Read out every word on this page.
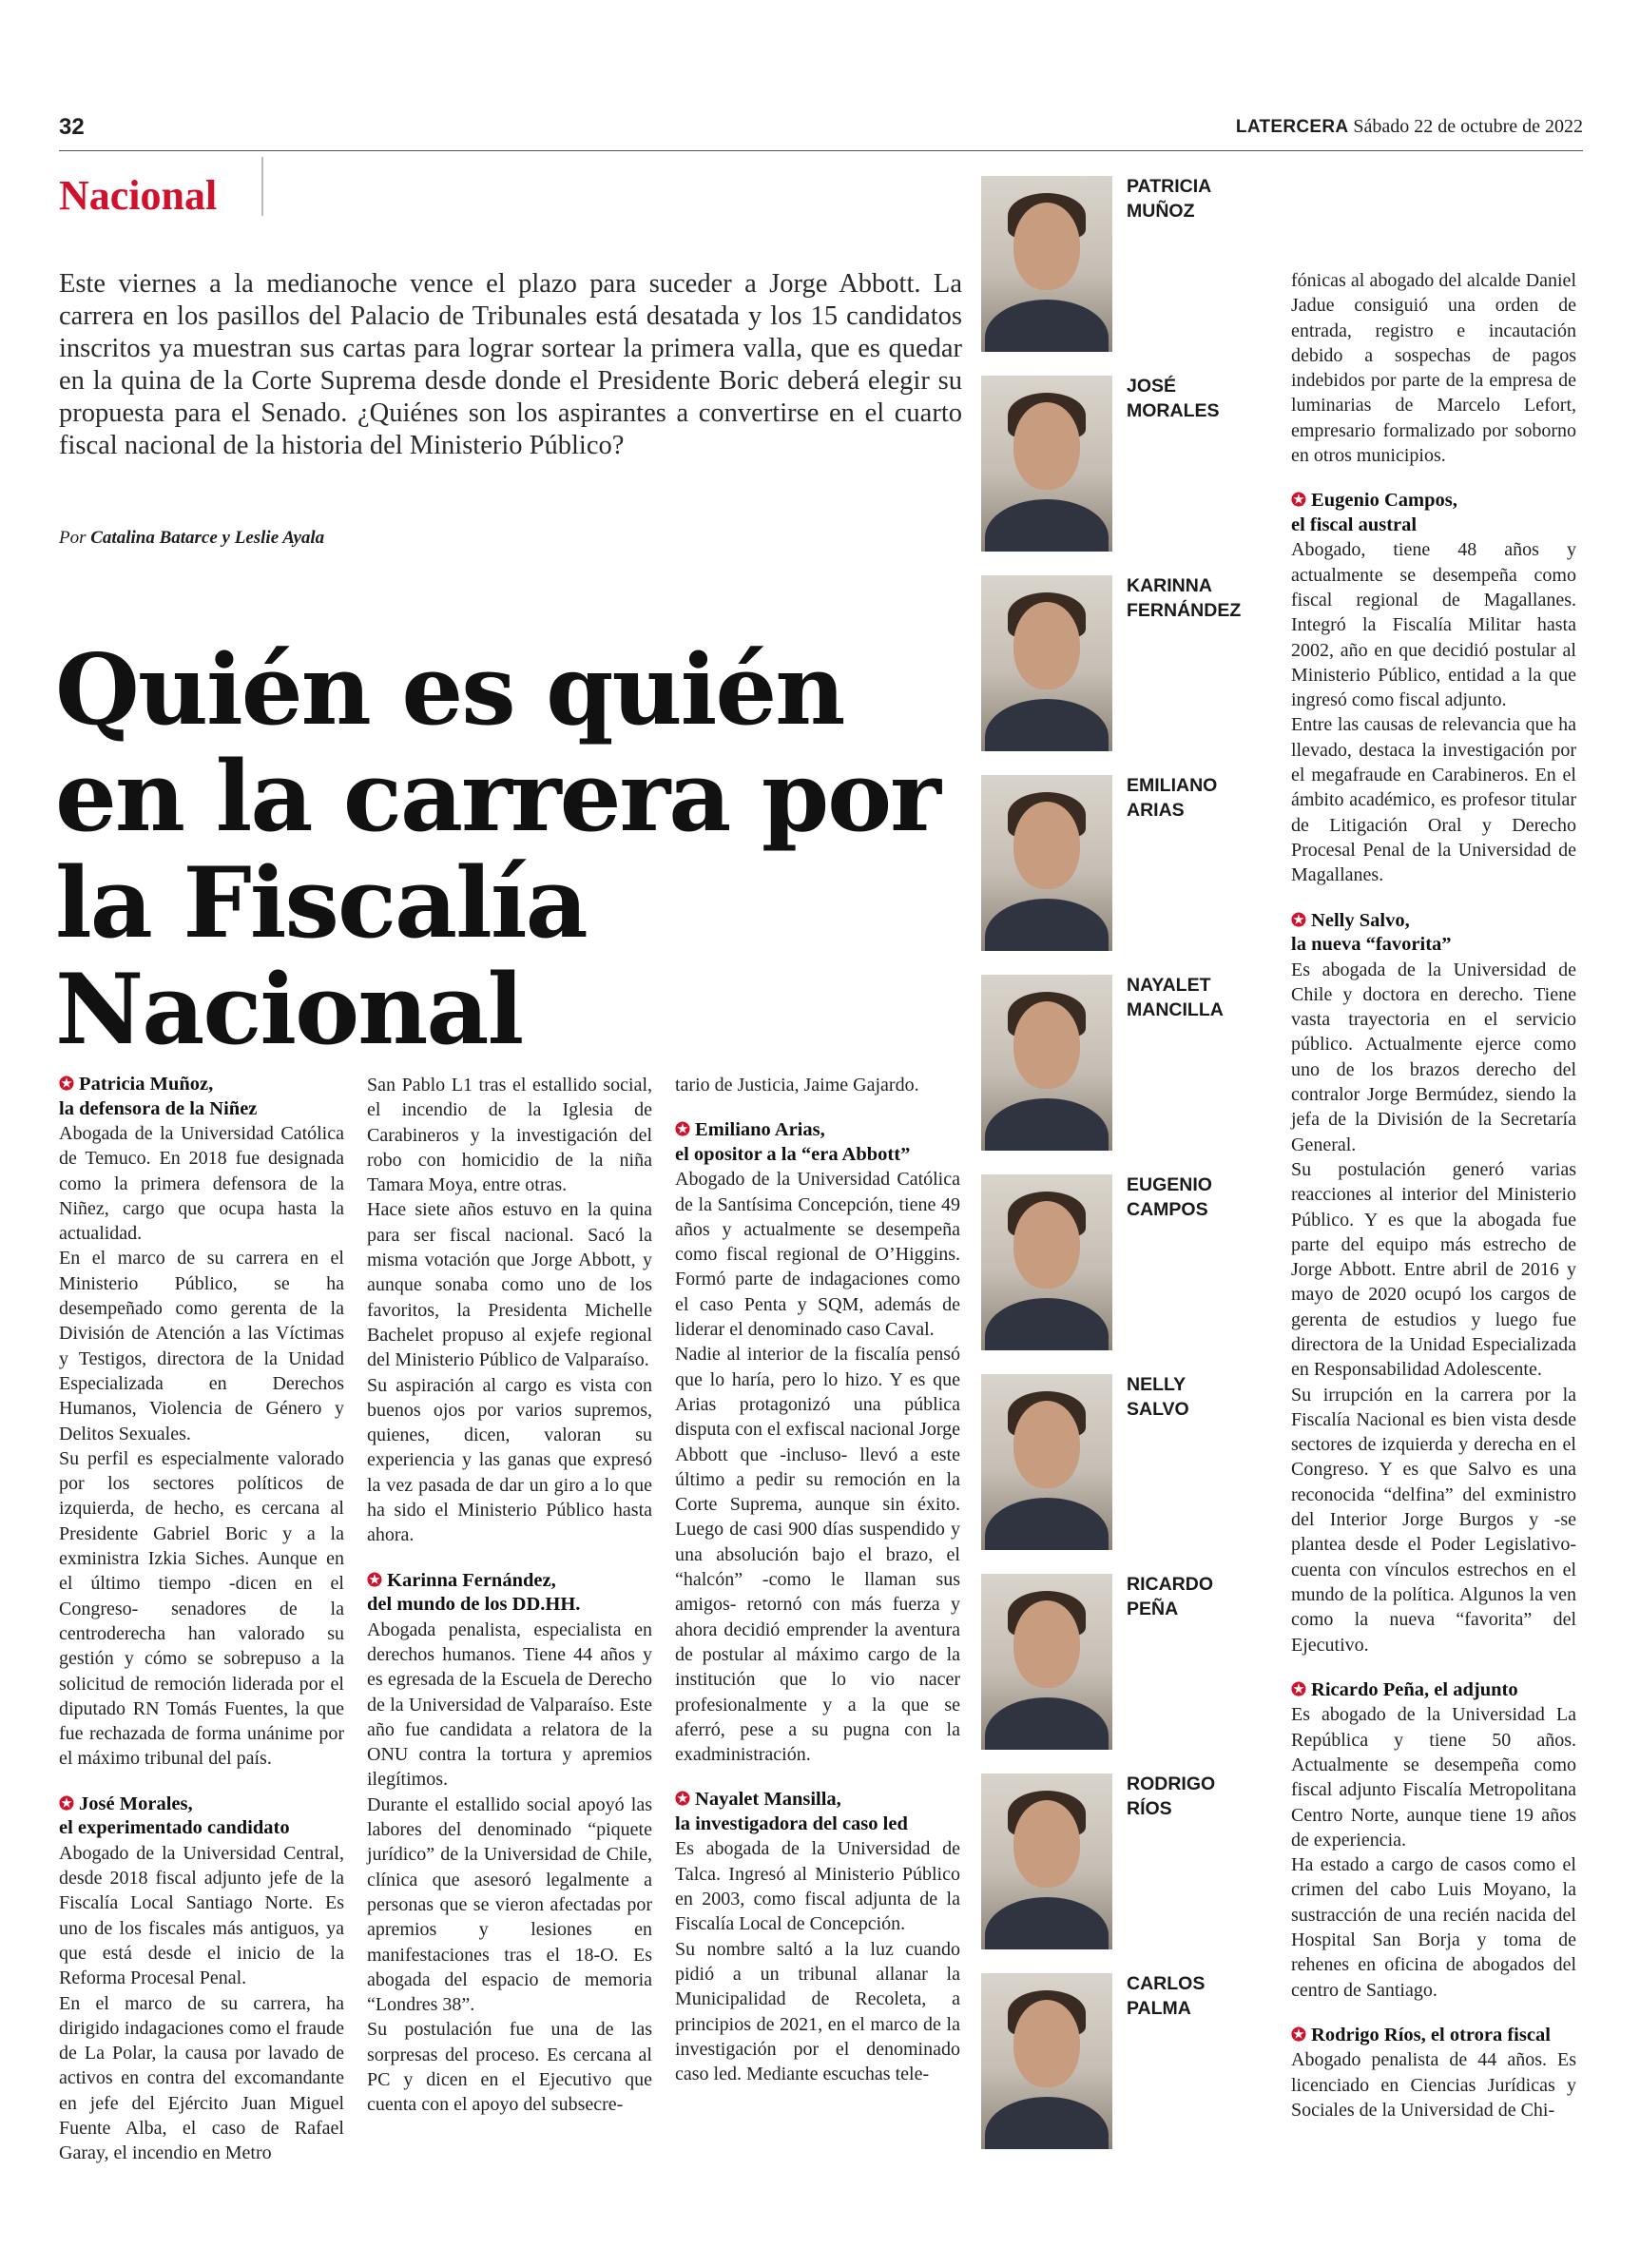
32	LATERCERA Sábado 22 de octubre de 2022
Nacional
Este viernes a la medianoche vence el plazo para suceder a Jorge Abbott. La carrera en los pasillos del Palacio de Tribunales está desatada y los 15 candidatos inscritos ya muestran sus cartas para lograr sortear la primera valla, que es quedar en la quina de la Corte Suprema desde donde el Presidente Boric deberá elegir su propuesta para el Senado. ¿Quiénes son los aspirantes a convertirse en el cuarto fiscal nacional de la historia del Ministerio Público?
Por Catalina Batarce y Leslie Ayala
Quién es quién en la carrera por la Fiscalía Nacional
✪ Patricia Muñoz,
la defensora de la Niñez

Abogada de la Universidad Católica de Temuco. En 2018 fue designada como la primera defensora de la Niñez, cargo que ocupa hasta la actualidad.

En el marco de su carrera en el Ministerio Público, se ha desempeñado como gerenta de la División de Atención a las Víctimas y Testigos, directora de la Unidad Especializada en Derechos Humanos, Violencia de Género y Delitos Sexuales.

Su perfil es especialmente valorado por los sectores políticos de izquierda, de hecho, es cercana al Presidente Gabriel Boric y a la exministra Izkia Siches. Aunque en el último tiempo -dicen en el Congreso- senadores de la centroderecha han valorado su gestión y cómo se sobrepuso a la solicitud de remoción liderada por el diputado RN Tomás Fuentes, la que fue rechazada de forma unánime por el máximo tribunal del país.

✪ José Morales,
el experimentado candidato

Abogado de la Universidad Central, desde 2018 fiscal adjunto jefe de la Fiscalía Local Santiago Norte. Es uno de los fiscales más antiguos, ya que está desde el inicio de la Reforma Procesal Penal.

En el marco de su carrera, ha dirigido indagaciones como el fraude de La Polar, la causa por lavado de activos en contra del excomandante en jefe del Ejército Juan Miguel Fuente Alba, el caso de Rafael Garay, el incendio en Metro

San Pablo L1 tras el estallido social, el incendio de la Iglesia de Carabineros y la investigación del robo con homicidio de la niña Tamara Moya, entre otras.

Hace siete años estuvo en la quina para ser fiscal nacional. Sacó la misma votación que Jorge Abbott, y aunque sonaba como uno de los favoritos, la Presidenta Michelle Bachelet propuso al exjefe regional del Ministerio Público de Valparaíso.

Su aspiración al cargo es vista con buenos ojos por varios supremos, quienes, dicen, valoran su experiencia y las ganas que expresó la vez pasada de dar un giro a lo que ha sido el Ministerio Público hasta ahora.

✪ Karinna Fernández,
del mundo de los DD.HH.

Abogada penalista, especialista en derechos humanos. Tiene 44 años y es egresada de la Escuela de Derecho de la Universidad de Valparaíso. Este año fue candidata a relatora de la ONU contra la tortura y apremios ilegítimos.

Durante el estallido social apoyó las labores del denominado “piquete jurídico” de la Universidad de Chile, clínica que asesoró legalmente a personas que se vieron afectadas por apremios y lesiones en manifestaciones tras el 18-O. Es abogada del espacio de memoria “Londres 38”.

Su postulación fue una de las sorpresas del proceso. Es cercana al PC y dicen en el Ejecutivo que cuenta con el apoyo del subsecre-

tario de Justicia, Jaime Gajardo.

✪ Emiliano Arias,
el opositor a la “era Abbott”

Abogado de la Universidad Católica de la Santísima Concepción, tiene 49 años y actualmente se desempeña como fiscal regional de O’Higgins. Formó parte de indagaciones como el caso Penta y SQM, además de liderar el denominado caso Caval.

Nadie al interior de la fiscalía pensó que lo haría, pero lo hizo. Y es que Arias protagonizó una pública disputa con el exfiscal nacional Jorge Abbott que -incluso- llevó a este último a pedir su remoción en la Corte Suprema, aunque sin éxito. Luego de casi 900 días suspendido y una absolución bajo el brazo, el “halcón” -como le llaman sus amigos- retornó con más fuerza y ahora decidió emprender la aventura de postular al máximo cargo de la institución que lo vio nacer profesionalmente y a la que se aferró, pese a su pugna con la exadministración.

✪ Nayalet Mansilla,
la investigadora del caso led

Es abogada de la Universidad de Talca. Ingresó al Ministerio Público en 2003, como fiscal adjunta de la Fiscalía Local de Concepción.

Su nombre saltó a la luz cuando pidió a un tribunal allanar la Municipalidad de Recoleta, a principios de 2021, en el marco de la investigación por el denominado caso led. Mediante escuchas tele-

fónicas al abogado del alcalde Daniel Jadue consiguió una orden de entrada, registro e incautación debido a sospechas de pagos indebidos por parte de la empresa de luminarias de Marcelo Lefort, empresario formalizado por soborno en otros municipios.

✪ Eugenio Campos,
el fiscal austral

Abogado, tiene 48 años y actualmente se desempeña como fiscal regional de Magallanes. Integró la Fiscalía Militar hasta 2002, año en que decidió postular al Ministerio Público, entidad a la que ingresó como fiscal adjunto.

Entre las causas de relevancia que ha llevado, destaca la investigación por el megafraude en Carabineros. En el ámbito académico, es profesor titular de Litigación Oral y Derecho Procesal Penal de la Universidad de Magallanes.

✪ Nelly Salvo,
la nueva “favorita”

Es abogada de la Universidad de Chile y doctora en derecho. Tiene vasta trayectoria en el servicio público. Actualmente ejerce como uno de los brazos derecho del contralor Jorge Bermúdez, siendo la jefa de la División de la Secretaría General.

Su postulación generó varias reacciones al interior del Ministerio Público. Y es que la abogada fue parte del equipo más estrecho de Jorge Abbott. Entre abril de 2016 y mayo de 2020 ocupó los cargos de gerenta de estudios y luego fue directora de la Unidad Especializada en Responsabilidad Adolescente.

Su irrupción en la carrera por la Fiscalía Nacional es bien vista desde sectores de izquierda y derecha en el Congreso. Y es que Salvo es una reconocida “delfina” del exministro del Interior Jorge Burgos y -se plantea desde el Poder Legislativo- cuenta con vínculos estrechos en el mundo de la política. Algunos la ven como la nueva “favorita” del Ejecutivo.

✪ Ricardo Peña, el adjunto

Es abogado de la Universidad La República y tiene 50 años. Actualmente se desempeña como fiscal adjunto Fiscalía Metropolitana Centro Norte, aunque tiene 19 años de experiencia.

Ha estado a cargo de casos como el crimen del cabo Luis Moyano, la sustracción de una recién nacida del Hospital San Borja y toma de rehenes en oficina de abogados del centro de Santiago.

✪ Rodrigo Ríos, el otrora fiscal

Abogado penalista de 44 años. Es licenciado en Ciencias Jurídicas y Sociales de la Universidad de Chi-

PATRICIA
MUÑOZ
JOSÉ
MORALES
KARINNA
FERNÁNDEZ
EMILIANO
ARIAS
NAYALET
MANCILLA
EUGENIO
CAMPOS
NELLY
SALVO
RICARDO
PEÑA
RODRIGO
RÍOS
CARLOS
PALMA
